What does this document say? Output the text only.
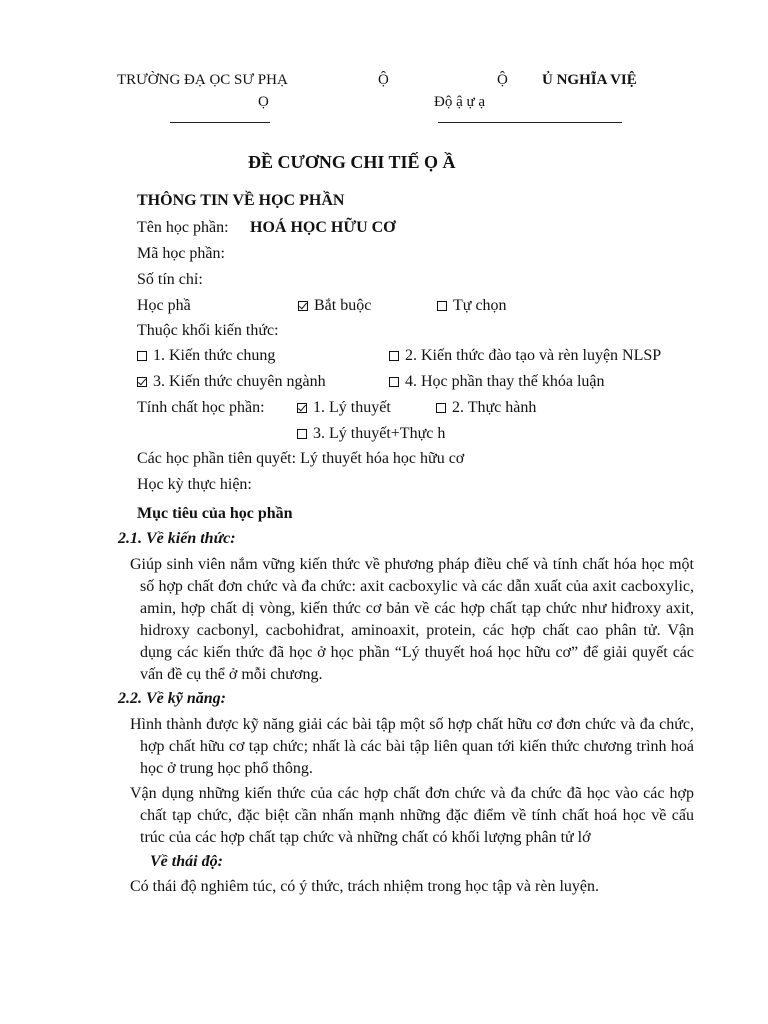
TRƯỜNG ĐẠ ỌC SƯ PHẠ
Ọ
Ộ	Ộ Ủ NGHĨA VIỆ
Độ ậ ự ạ
ĐỀ CƯƠNG CHI TIẾ Ọ Ầ
THÔNG TIN VỀ HỌC PHẦN
Tên học phần: HOÁ HỌC HỮU CƠ
Mã học phần:
Số tín chỉ:
Học phầ	Bắt buộc	Tự chọn
Thuộc khối kiến thức:
1. Kiến thức chung	2. Kiến thức đào tạo và rèn luyện NLSP
3. Kiến thức chuyên ngành	4. Học phần thay thế khóa luận
Tính chất học phần:	1. Lý thuyết	2. Thực hành
3. Lý thuyết+Thực h
Các học phần tiên quyết: Lý thuyết hóa học hữu cơ
Học kỳ thực hiện:
Mục tiêu của học phần
2.1. Về kiến thức:
Giúp sinh viên nắm vững kiến thức về phương pháp điều chế và tính chất hóa học một số hợp chất đơn chức và đa chức: axit cacboxylic và các dẫn xuất của axit cacboxylic, amin, hợp chất dị vòng, kiến thức cơ bản về các hợp chất tạp chức như hiđroxy axit, hidroxy cacbonyl, cacbohiđrat, aminoaxit, protein, các hợp chất cao phân tử. Vận dụng các kiến thức đã học ở học phần “Lý thuyết hoá học hữu cơ” để giải quyết các vấn đề cụ thể ở mỗi chương.
2.2. Về kỹ năng:
Hình thành được kỹ năng giải các bài tập một số hợp chất hữu cơ đơn chức và đa chức, hợp chất hữu cơ tạp chức; nhất là các bài tập liên quan tới kiến thức chương trình hoá học ở trung học phổ thông.
Vận dụng những kiến thức của các hợp chất đơn chức và đa chức đã học vào các hợp chất tạp chức, đặc biệt cần nhấn mạnh những đặc điểm về tính chất hoá học về cấu trúc của các hợp chất tạp chức và những chất có khối lượng phân tử lớ
Về thái độ:
Có thái độ nghiêm túc, có ý thức, trách nhiệm trong học tập và rèn luyện.
